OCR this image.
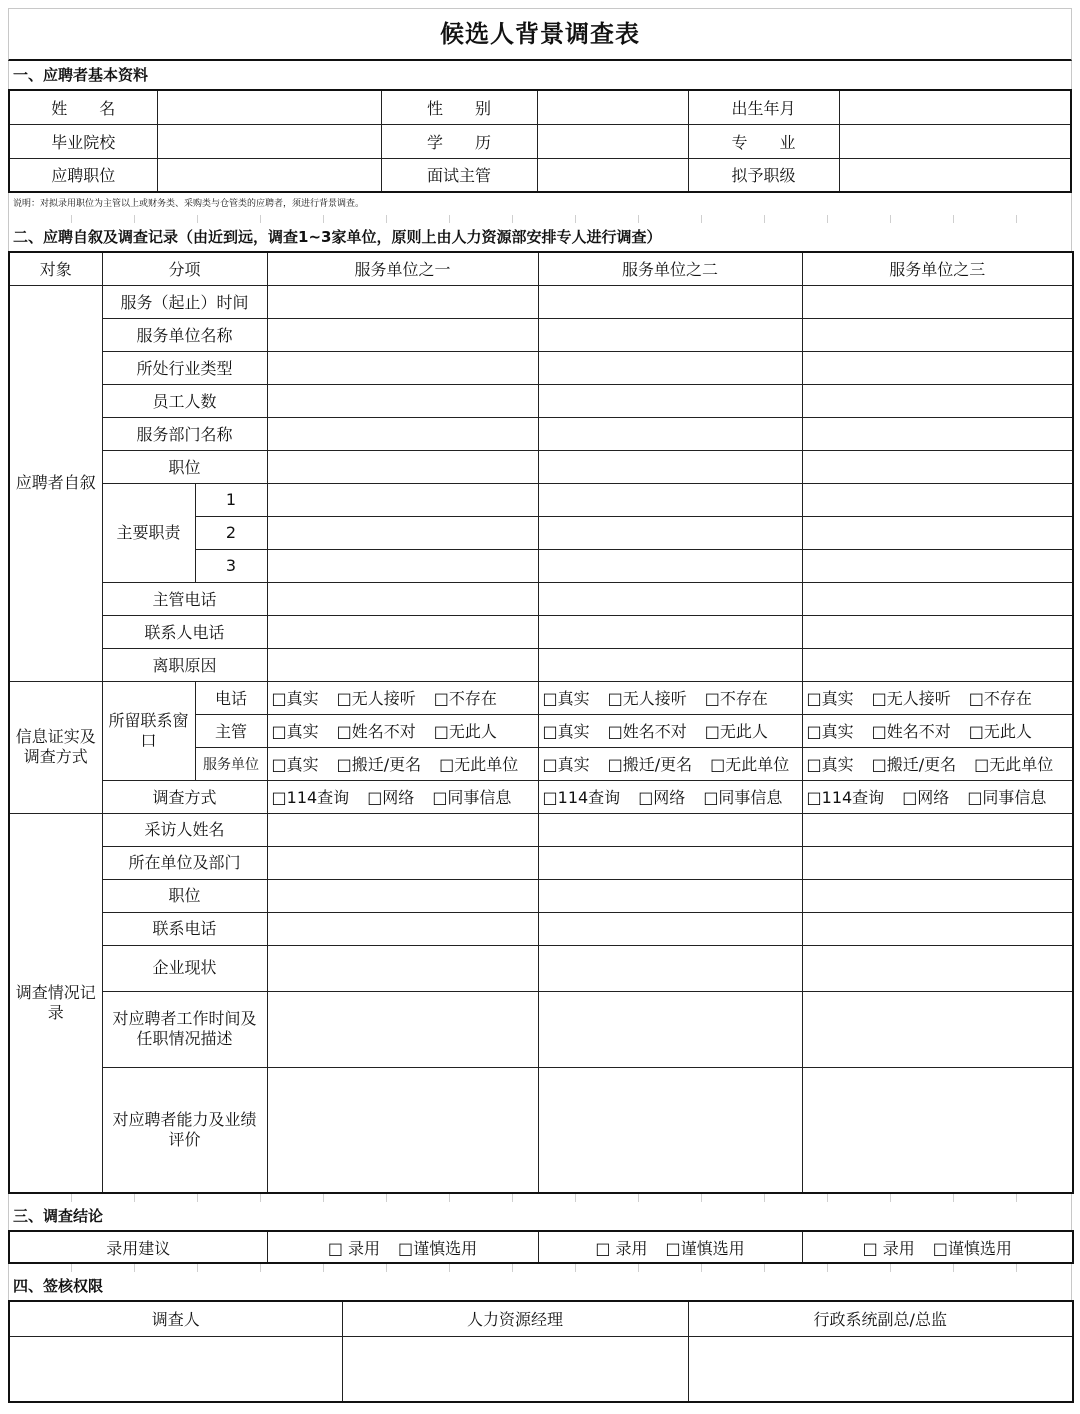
候选人背景调查表
一、应聘者基本资料
姓　　名		性　　别		出生年月	
毕业院校		学　　历		专　　业	
应聘职位		面试主管		拟予职级	
说明：对拟录用职位为主管以上或财务类、采购类与仓管类的应聘者，须进行背景调查。
二、应聘自叙及调查记录（由近到远，调查1~3家单位，原则上由人力资源部安排专人进行调查）
对象	分项		服务单位之一	服务单位之二	服务单位之三
应聘者自叙	服务（起止）时间				
	服务单位名称				
	所处行业类型				
	员工人数				
	服务部门名称				
	职位				
	主要职责	1			
		2			
		3			
	主管电话				
	联系人电话				
	离职原因				
信息证实及调查方式	所留联系窗口	电话	□真实 □无人接听 □不存在	□真实 □无人接听 □不存在	□真实 □无人接听 □不存在
		主管	□真实 □姓名不对 □无此人	□真实 □姓名不对 □无此人	□真实 □姓名不对 □无此人
		服务单位	□真实 □搬迁/更名 □无此单位	□真实 □搬迁/更名 □无此单位	□真实 □搬迁/更名 □无此单位
	调查方式		□114查询 □网络 □同事信息	□114查询 □网络 □同事信息	□114查询 □网络 □同事信息
调查情况记录	采访人姓名				
	所在单位及部门				
	职位				
	联系电话				
	企业现状				
	对应聘者工作时间及任职情况描述				
	对应聘者能力及业绩评价				
三、调查结论
录用建议	□ 录用 □谨慎选用	□ 录用 □谨慎选用	□ 录用 □谨慎选用
四、签核权限
调查人	人力资源经理	行政系统副总/总监
